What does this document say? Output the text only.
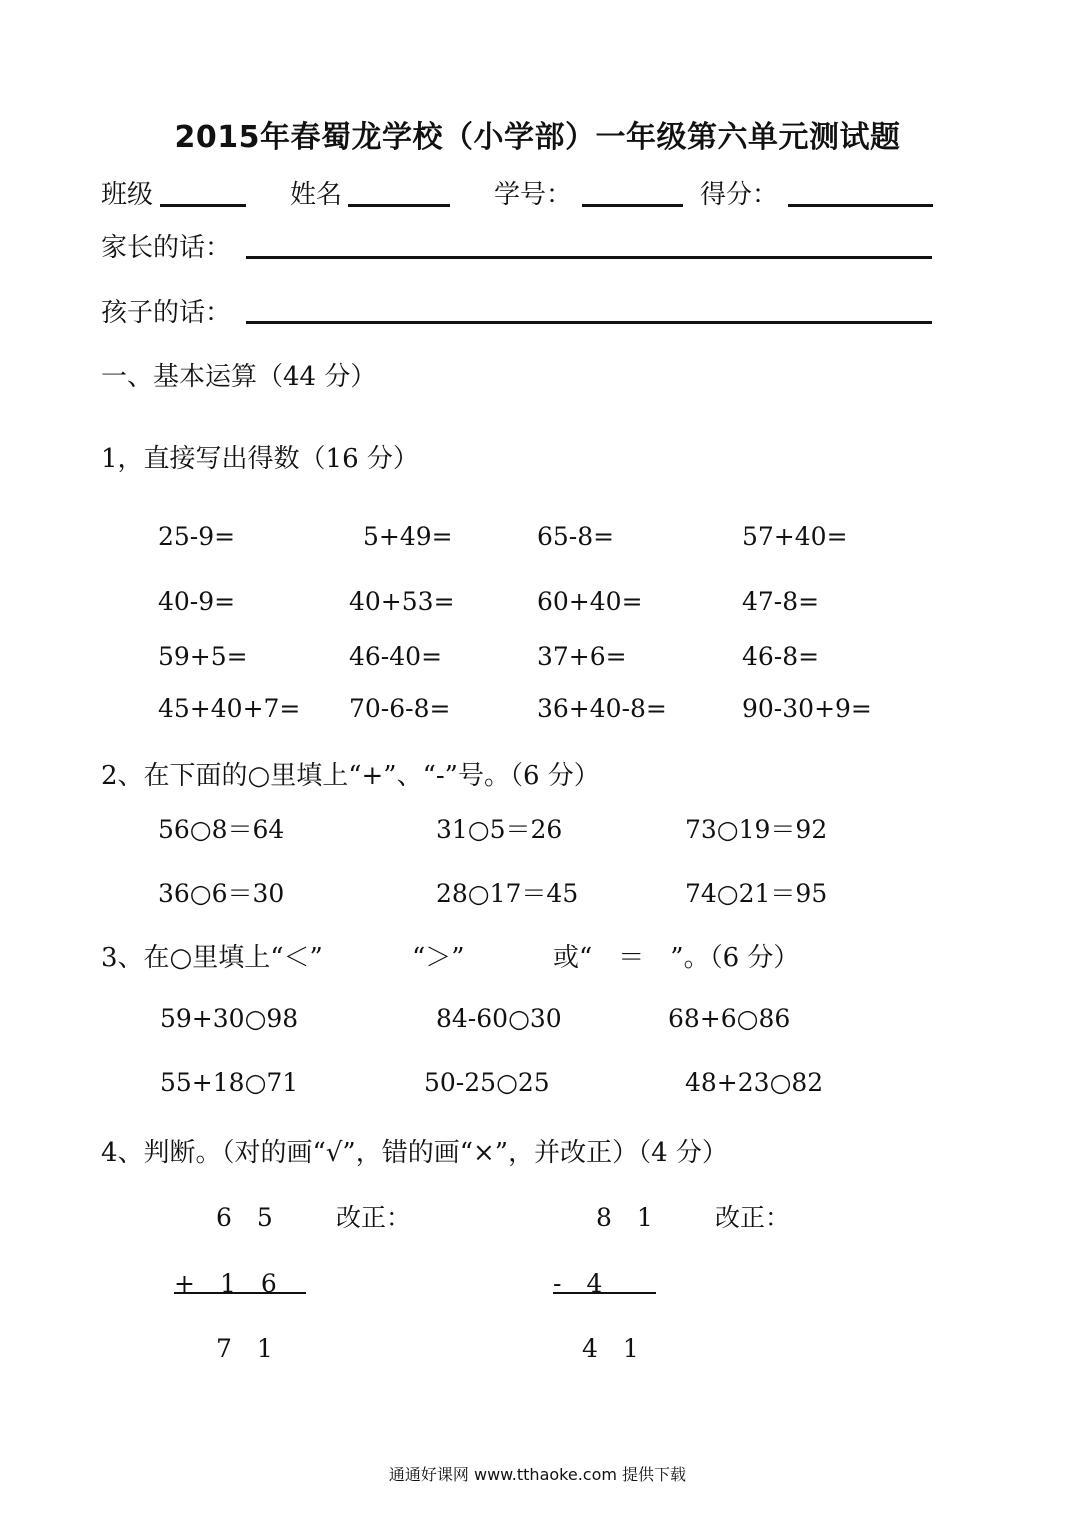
2015年春蜀龙学校（小学部）一年级第六单元测试题
班级	姓名	学号：	得分：
家长的话：
孩子的话：
一、基本运算（44 分）
1，直接写出得数（16 分）
25-9=	5+49=	65-8=	57+40=
40-9=	40+53=	60+40=	47-8=
59+5=	46-40=	37+6=	46-8=
45+40+7= 70-6-8=	36+40-8=	90-30+9=
2、在下面的○里填上“+”、“-”号。（6 分）
56○8＝64	31○5＝26	73○19＝92
36○6＝30	28○17＝45	74○21＝95
3、在○里填上“＜”	“＞”	或“　＝　”。（6 分）
59+30○98	84-60○30	68+6○86
55+18○71	50-25○25	48+23○82
4、判断。（对的画“√”，错的画“×”，并改正）（4 分）
6　5	改正：
+　1　6
7　1
8　1 改正：
-　4
4　1
通通好课网 www.tthaoke.com 提供下载
